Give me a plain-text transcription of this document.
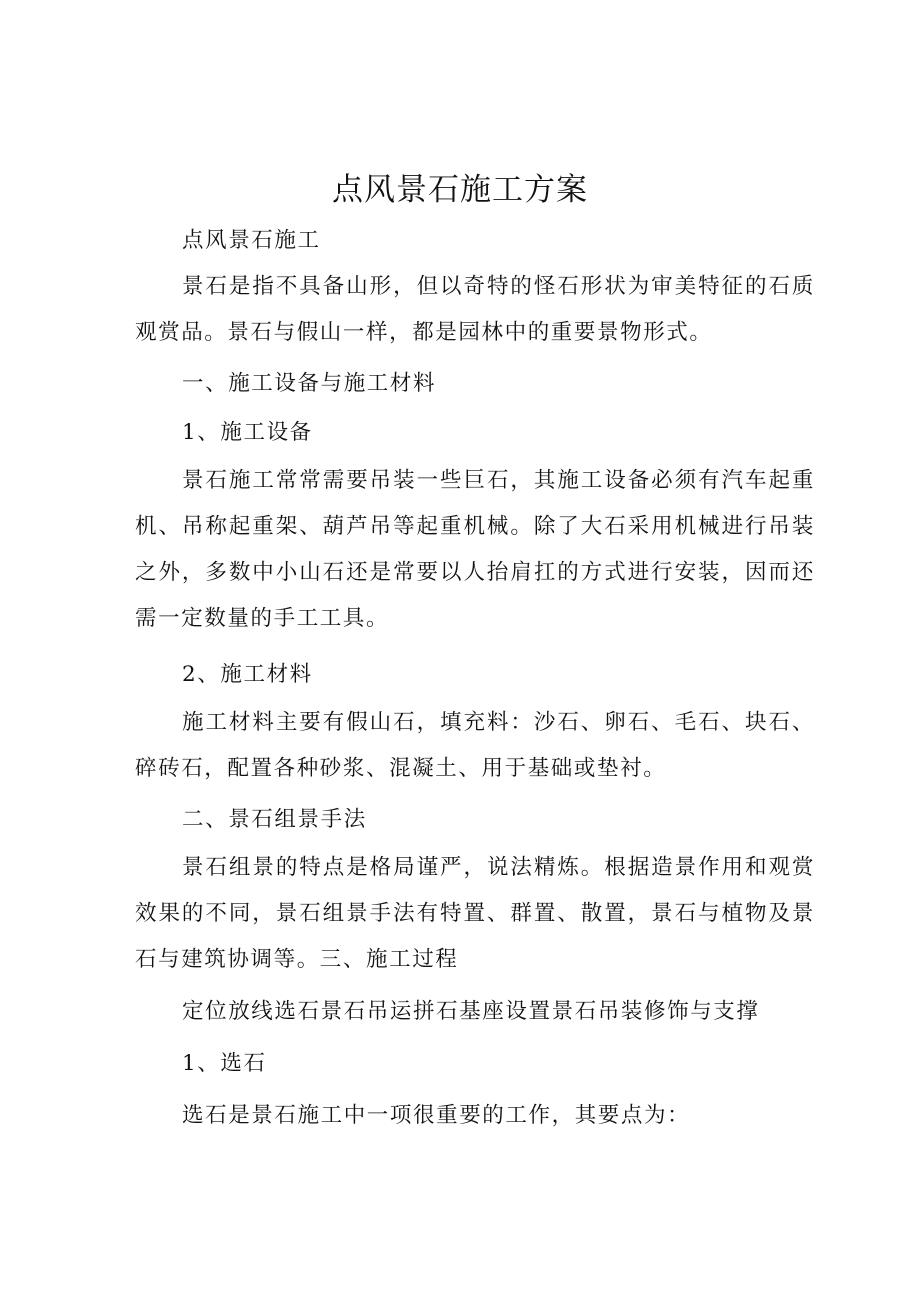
点风景石施工方案

点风景石施工

景石是指不具备山形，但以奇特的怪石形状为审美特征的石质观赏品。景石与假山一样，都是园林中的重要景物形式。

一、施工设备与施工材料

1、施工设备

景石施工常常需要吊装一些巨石，其施工设备必须有汽车起重机、吊称起重架、葫芦吊等起重机械。除了大石采用机械进行吊装之外，多数中小山石还是常要以人抬肩扛的方式进行安装，因而还需一定数量的手工工具。

2、施工材料

施工材料主要有假山石，填充料：沙石、卵石、毛石、块石、碎砖石，配置各种砂浆、混凝土、用于基础或垫衬。

二、景石组景手法

景石组景的特点是格局谨严，说法精炼。根据造景作用和观赏效果的不同，景石组景手法有特置、群置、散置，景石与植物及景石与建筑协调等。三、施工过程

定位放线选石景石吊运拼石基座设置景石吊装修饰与支撑

1、选石

选石是景石施工中一项很重要的工作，其要点为：
